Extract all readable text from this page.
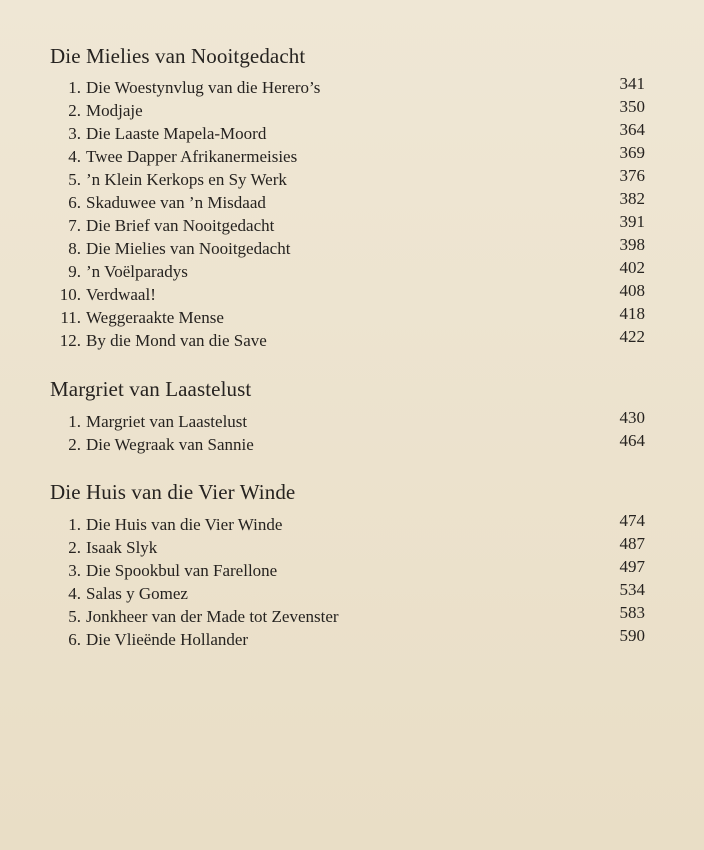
Die Mielies van Nooitgedacht
1. Die Woestynvlug van die Herero’s	341
2. Modjaje	350
3. Die Laaste Mapela-Moord	364
4. Twee Dapper Afrikanermeisies	369
5. ’n Klein Kerkops en Sy Werk	376
6. Skaduwee van ’n Misdaad	382
7. Die Brief van Nooitgedacht	391
8. Die Mielies van Nooitgedacht	398
9. ’n Voëlparadys	402
10. Verdwaal!	408
11. Weggeraakte Mense	418
12. By die Mond van die Save	422
Margriet van Laastelust
1. Margriet van Laastelust	430
2. Die Wegraak van Sannie	464
Die Huis van die Vier Winde
1. Die Huis van die Vier Winde	474
2. Isaak Slyk	487
3. Die Spookbul van Farellone	497
4. Salas y Gomez	534
5. Jonkheer van der Made tot Zevenster	583
6. Die Vlieënde Hollander	590
